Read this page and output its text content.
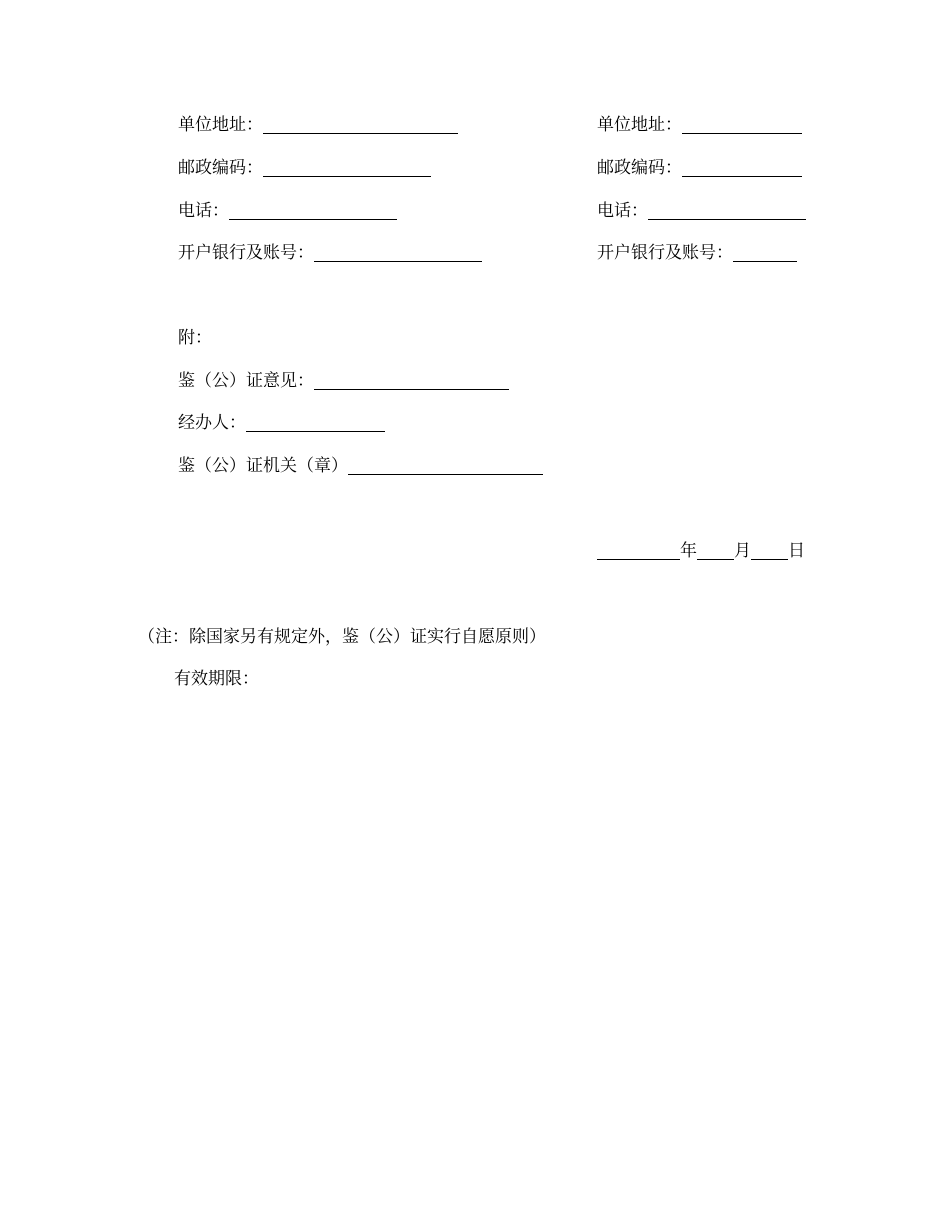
单位地址：
邮政编码：
电话：
开户银行及账号：
单位地址：
邮政编码：
电话：
开户银行及账号：
附：
鉴（公）证意见：
经办人：
鉴（公）证机关（章）
年 月 日
（注：除国家另有规定外，鉴（公）证实行自愿原则）
有效期限：
